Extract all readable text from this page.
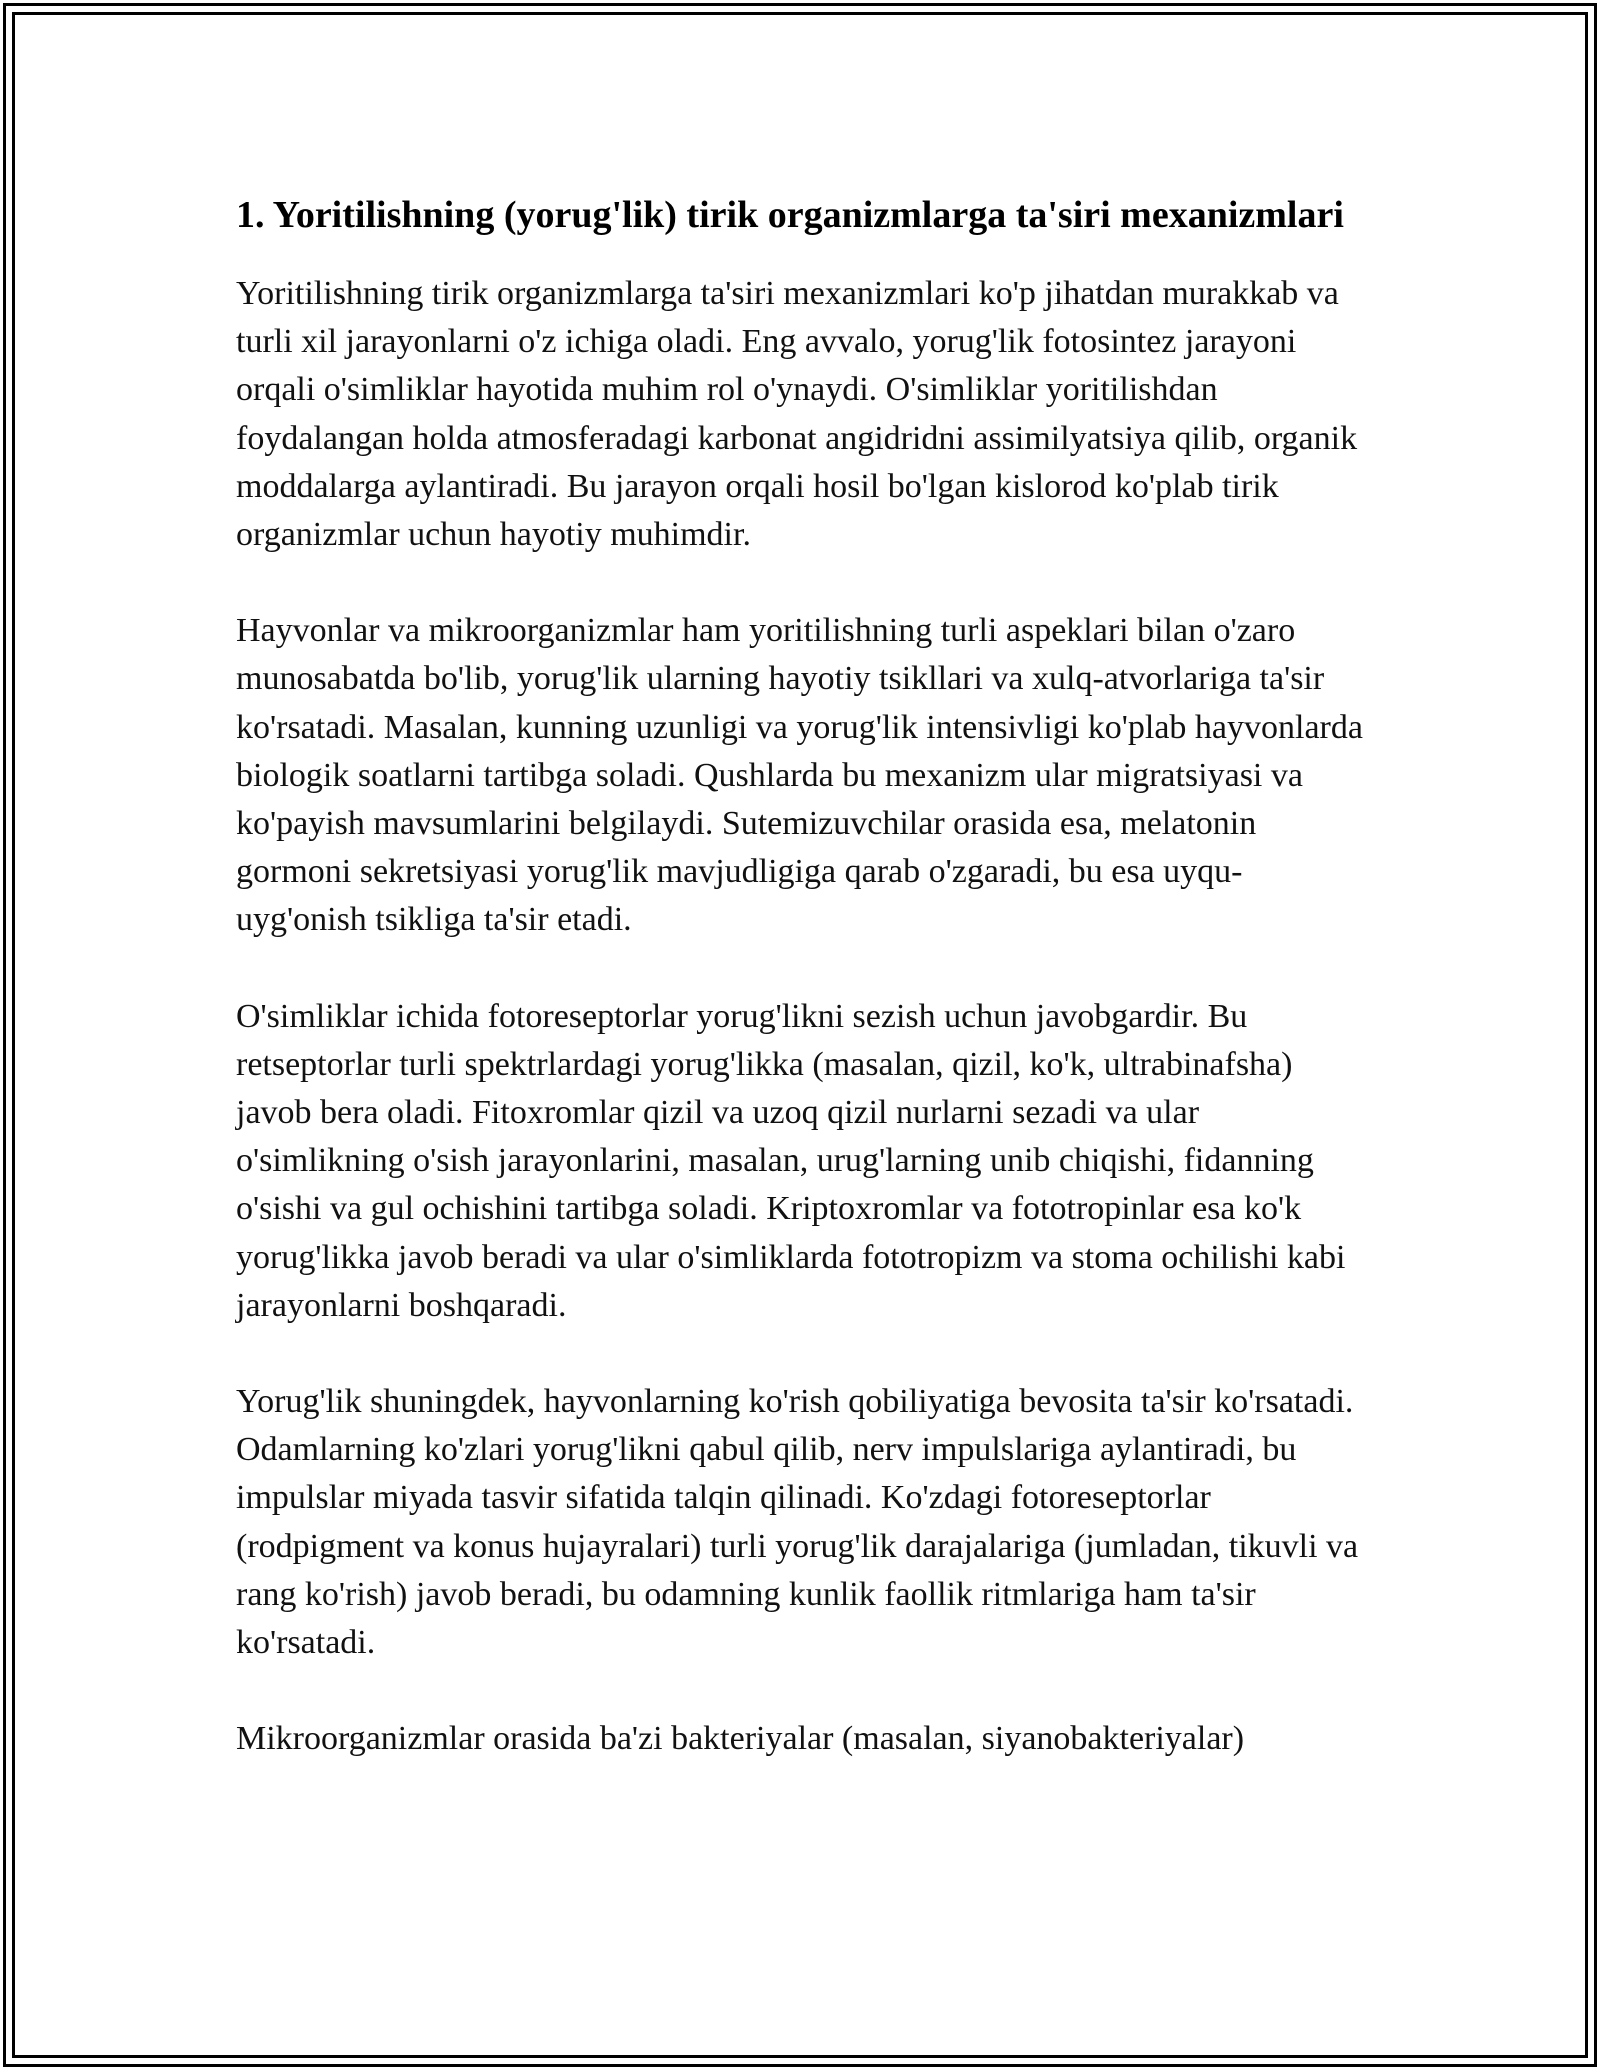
1. Yoritilishning (yorug'lik) tirik organizmlarga ta'siri mexanizmlari

Yoritilishning tirik organizmlarga ta'siri mexanizmlari ko'p jihatdan murakkab va turli xil jarayonlarni o'z ichiga oladi. Eng avvalo, yorug'lik fotosintez jarayoni orqali o'simliklar hayotida muhim rol o'ynaydi. O'simliklar yoritilishdan foydalangan holda atmosferadagi karbonat angidridni assimilyatsiya qilib, organik moddalarga aylantiradi. Bu jarayon orqali hosil bo'lgan kislorod ko'plab tirik organizmlar uchun hayotiy muhimdir.

Hayvonlar va mikroorganizmlar ham yoritilishning turli aspeklari bilan o'zaro munosabatda bo'lib, yorug'lik ularning hayotiy tsikllari va xulq-atvorlariga ta'sir ko'rsatadi. Masalan, kunning uzunligi va yorug'lik intensivligi ko'plab hayvonlarda biologik soatlarni tartibga soladi. Qushlarda bu mexanizm ular migratsiyasi va ko'payish mavsumlarini belgilaydi. Sutemizuvchilar orasida esa, melatonin gormoni sekretsiyasi yorug'lik mavjudligiga qarab o'zgaradi, bu esa uyqu-uyg'onish tsikliga ta'sir etadi.

O'simliklar ichida fotoreseptorlar yorug'likni sezish uchun javobgardir. Bu retseptorlar turli spektrlardagi yorug'likka (masalan, qizil, ko'k, ultrabinafsha) javob bera oladi. Fitoxromlar qizil va uzoq qizil nurlarni sezadi va ular o'simlikning o'sish jarayonlarini, masalan, urug'larning unib chiqishi, fidanning o'sishi va gul ochishini tartibga soladi. Kriptoxromlar va fototropinlar esa ko'k yorug'likka javob beradi va ular o'simliklarda fototropizm va stoma ochilishi kabi jarayonlarni boshqaradi.

Yorug'lik shuningdek, hayvonlarning ko'rish qobiliyatiga bevosita ta'sir ko'rsatadi. Odamlarning ko'zlari yorug'likni qabul qilib, nerv impulslariga aylantiradi, bu impulslar miyada tasvir sifatida talqin qilinadi. Ko'zdagi fotoreseptorlar (rodpigment va konus hujayralari) turli yorug'lik darajalariga (jumladan, tikuvli va rang ko'rish) javob beradi, bu odamning kunlik faollik ritmlariga ham ta'sir ko'rsatadi.

Mikroorganizmlar orasida ba'zi bakteriyalar (masalan, siyanobakteriyalar)
